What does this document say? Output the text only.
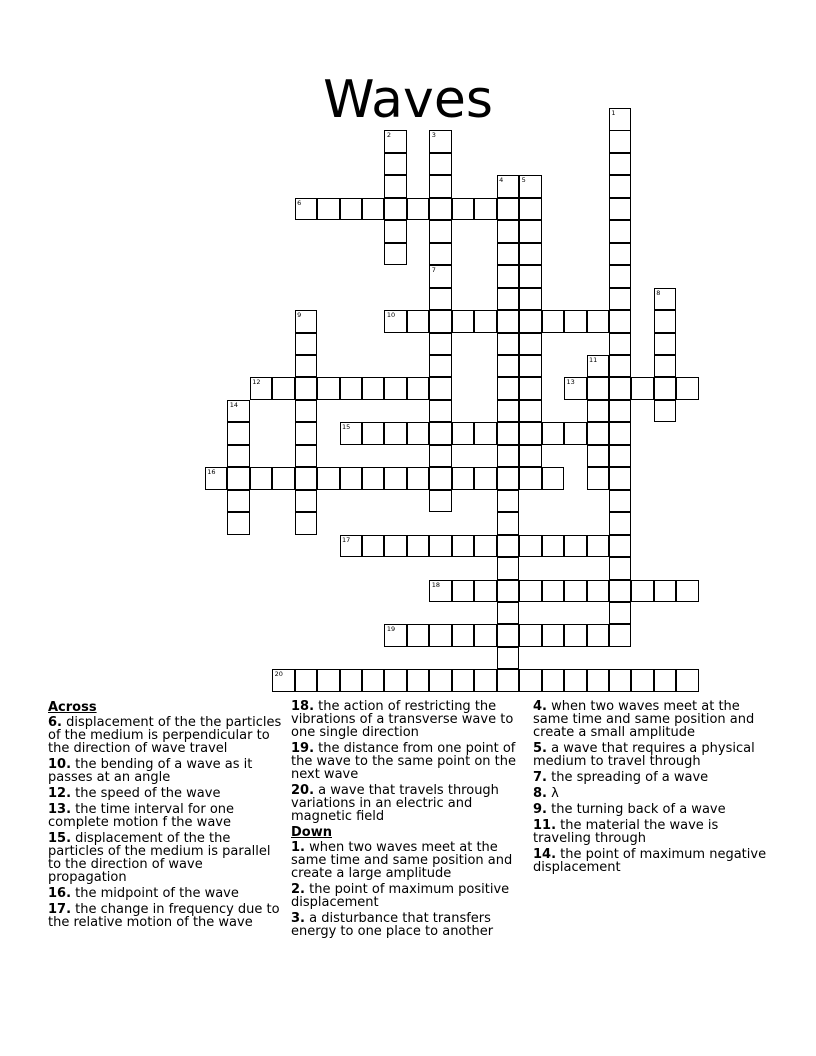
Waves	1
2	3
4	5
6
7
8
9	10
11
12	13
14
15
16
17
18
19
20
Across
6. displacement of the the particles of the medium is perpendicular to the direction of wave travel
10. the bending of a wave as it passes at an angle
12. the speed of the wave
13. the time interval for one complete motion f the wave
15. displacement of the the particles of the medium is parallel to the direction of wave propagation
16. the midpoint of the wave
17. the change in frequency due to the relative motion of the wave
18. the action of restricting the vibrations of a transverse wave to one single direction
19. the distance from one point of the wave to the same point on the next wave
20. a wave that travels through variations in an electric and magnetic field
Down
1. when two waves meet at the same time and same position and create a large amplitude
2. the point of maximum positive displacement
3. a disturbance that transfers energy to one place to another
4. when two waves meet at the same time and same position and create a small amplitude
5. a wave that requires a physical medium to travel through
7. the spreading of a wave
8. λ
9. the turning back of a wave
11. the material the wave is traveling through
14. the point of maximum negative displacement
